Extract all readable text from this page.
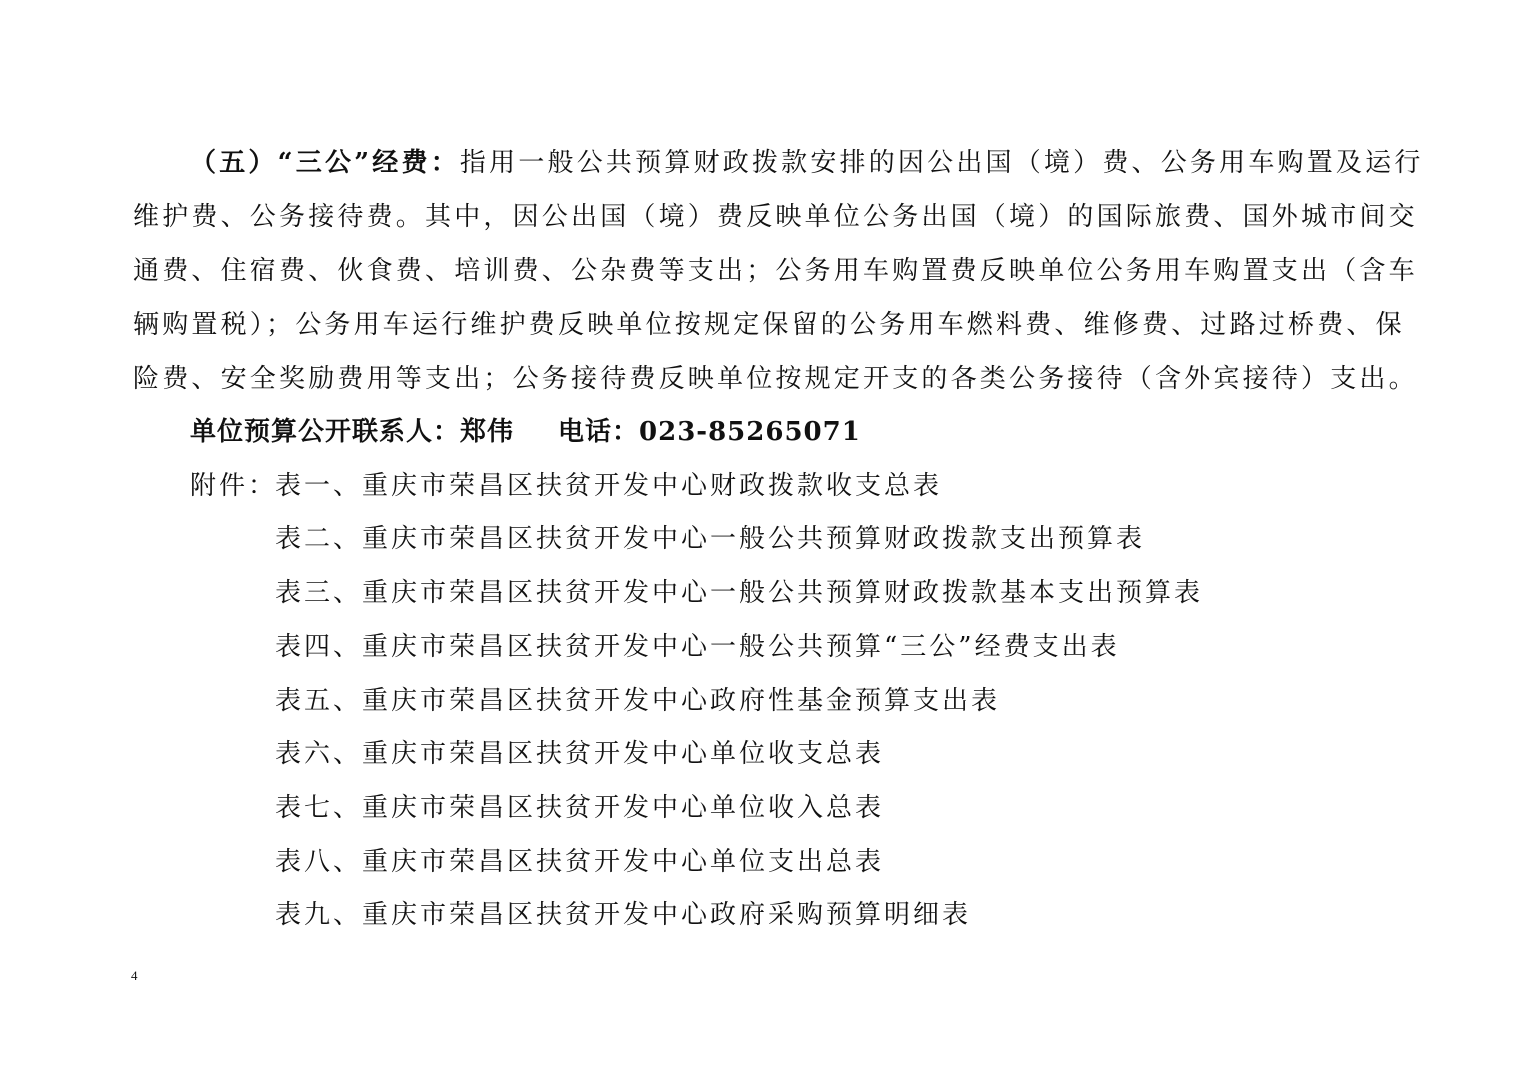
（五）“三公”经费：指用一般公共预算财政拨款安排的因公出国（境）费、公务用车购置及运行
维护费、公务接待费。其中，因公出国（境）费反映单位公务出国（境）的国际旅费、国外城市间交
通费、住宿费、伙食费、培训费、公杂费等支出；公务用车购置费反映单位公务用车购置支出（含车
辆购置税）；公务用车运行维护费反映单位按规定保留的公务用车燃料费、维修费、过路过桥费、保
险费、安全奖励费用等支出；公务接待费反映单位按规定开支的各类公务接待（含外宾接待）支出。
单位预算公开联系人：郑伟 电话：023-85265071
附件：
表一、重庆市荣昌区扶贫开发中心财政拨款收支总表
表二、重庆市荣昌区扶贫开发中心一般公共预算财政拨款支出预算表
表三、重庆市荣昌区扶贫开发中心一般公共预算财政拨款基本支出预算表
表四、重庆市荣昌区扶贫开发中心一般公共预算“三公”经费支出表
表五、重庆市荣昌区扶贫开发中心政府性基金预算支出表
表六、重庆市荣昌区扶贫开发中心单位收支总表
表七、重庆市荣昌区扶贫开发中心单位收入总表
表八、重庆市荣昌区扶贫开发中心单位支出总表
表九、重庆市荣昌区扶贫开发中心政府采购预算明细表
4
